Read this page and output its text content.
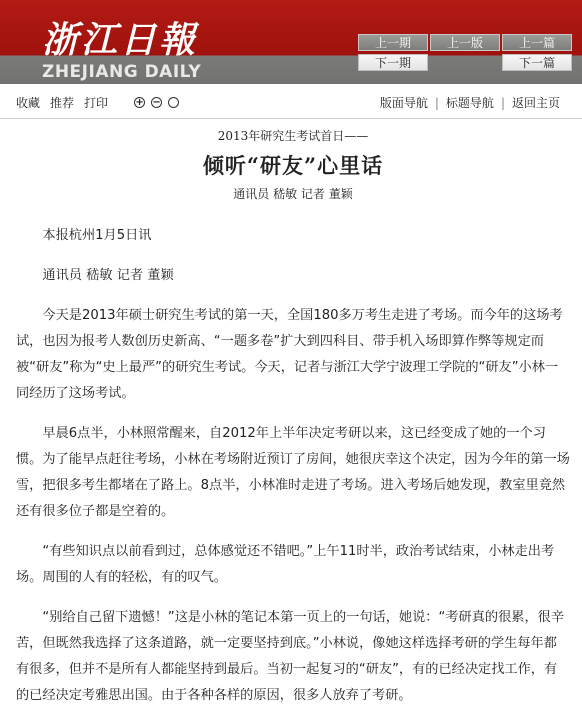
浙江日報
ZHEJIANG DAILY
上一期	上一版	上一篇
下一期	下一篇
收藏 推荐 打印	+ −	版面导航 | 标题导航 | 返回主页
2013年研究生考试首日——
倾听“研友”心里话
通讯员 嵇敏 记者 董颖

本报杭州1月5日讯

通讯员 嵇敏 记者 董颖

今天是2013年硕士研究生考试的第一天，全国180多万考生走进了考场。而今年的这场考试，也因为报考人数创历史新高、“一题多卷”扩大到四科目、带手机入场即算作弊等规定而被“研友”称为“史上最严”的研究生考试。今天，记者与浙江大学宁波理工学院的“研友”小林一同经历了这场考试。

早晨6点半，小林照常醒来，自2012年上半年决定考研以来，这已经变成了她的一个习惯。为了能早点赶往考场，小林在考场附近预订了房间，她很庆幸这个决定，因为今年的第一场雪，把很多考生都堵在了路上。8点半，小林准时走进了考场。进入考场后她发现，教室里竟然还有很多位子都是空着的。

“有些知识点以前看到过，总体感觉还不错吧。”上午11时半，政治考试结束，小林走出考场。周围的人有的轻松，有的叹气。

“别给自己留下遗憾！”这是小林的笔记本第一页上的一句话，她说：“考研真的很累，很辛苦，但既然我选择了这条道路，就一定要坚持到底。”小林说，像她这样选择考研的学生每年都有很多，但并不是所有人都能坚持到最后。当初一起复习的“研友”，有的已经决定找工作，有的已经决定考雅思出国。由于各种各样的原因，很多人放弃了考研。
